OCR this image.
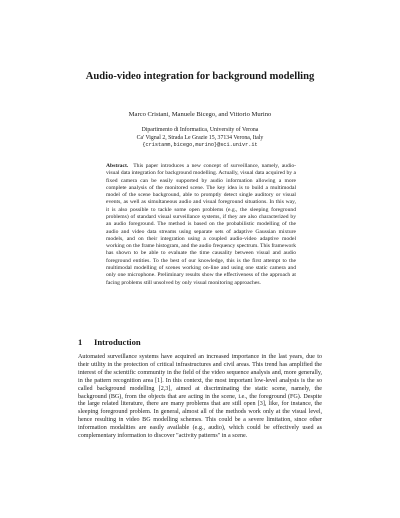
Audio-video integration for background modelling

Marco Cristani, Manuele Bicego, and Vittorio Murino

Dipartimento di Informatica, University of Verona
Ca' Vignal 2, Strada Le Grazie 15, 37134 Verona, Italy
{cristanm,bicego,murino}@sci.univr.it

Abstract. This paper introduces a new concept of surveillance, namely, audio-visual data integration for background modelling. Actually, visual data acquired by a fixed camera can be easily supported by audio information allowing a more complete analysis of the monitored scene. The key idea is to build a multimodal model of the scene background, able to promptly detect single auditory or visual events, as well as simultaneous audio and visual foreground situations. In this way, it is also possible to tackle some open problems (e.g., the sleeping foreground problems) of standard visual surveillance systems, if they are also characterized by an audio foreground. The method is based on the probabilistic modelling of the audio and video data streams using separate sets of adaptive Gaussian mixture models, and on their integration using a coupled audio-video adaptive model working on the frame histogram, and the audio frequency spectrum. This framework has shown to be able to evaluate the time causality between visual and audio foreground entities. To the best of our knowledge, this is the first attempt to the multimodal modelling of scenes working on-line and using one static camera and only one microphone. Preliminary results show the effectiveness of the approach at facing problems still unsolved by only visual monitoring approaches.

1 Introduction

Automated surveillance systems have acquired an increased importance in the last years, due to their utility in the protection of critical infrastructures and civil areas. This trend has amplified the interest of the scientific community in the field of the video sequence analysis and, more generally, in the pattern recognition area [1]. In this context, the most important low-level analysis is the so called background modelling [2,3], aimed at discriminating the static scene, namely, the background (BG), from the objects that are acting in the scene, i.e., the foreground (FG). Despite the large related literature, there are many problems that are still open [3], like, for instance, the sleeping foreground problem. In general, almost all of the methods work only at the visual level, hence resulting in video BG modelling schemes. This could be a severe limitation, since other information modalities are easily available (e.g., audio), which could be effectively used as complementary information to discover "activity patterns" in a scene.
